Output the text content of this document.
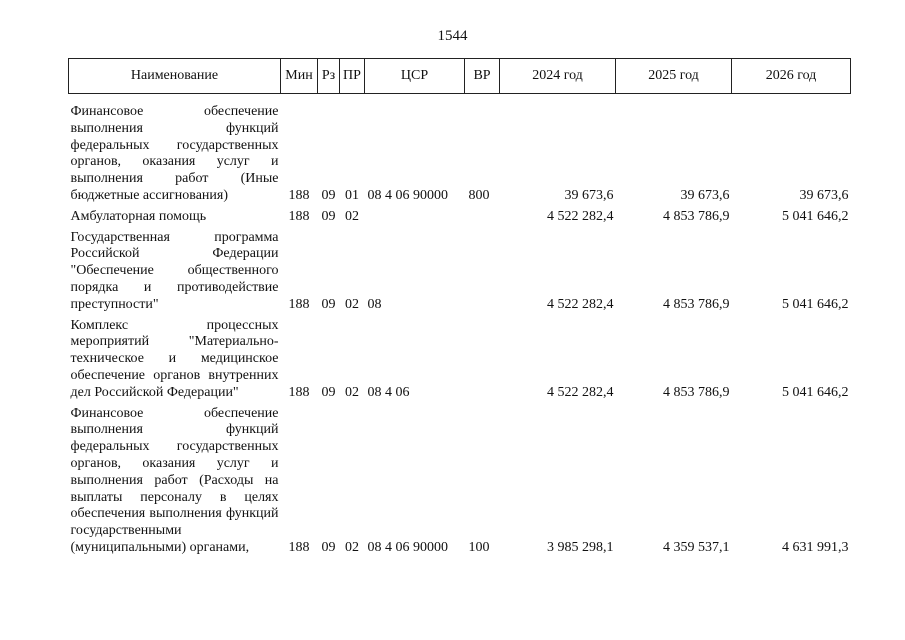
1544
Наименование	Мин	Рз	ПР	ЦСР	ВР	2024 год	2025 год	2026 год

Финансовое обеспечение выполнения функций федеральных государственных органов, оказания услуг и выполнения работ (Иные бюджетные ассигнования)	188	09	01	08 4 06 90000	800	39 673,6	39 673,6	39 673,6
Амбулаторная помощь	188	09	02			4 522 282,4	4 853 786,9	5 041 646,2
Государственная программа Российской Федерации "Обеспечение общественного порядка и противодействие преступности"	188	09	02	08		4 522 282,4	4 853 786,9	5 041 646,2
Комплекс процессных мероприятий "Материально-техническое и медицинское обеспечение органов внутренних дел Российской Федерации"	188	09	02	08 4 06		4 522 282,4	4 853 786,9	5 041 646,2
Финансовое обеспечение выполнения функций федеральных государственных органов, оказания услуг и выполнения работ (Расходы на выплаты персоналу в целях обеспечения выполнения функций государственными (муниципальными) органами,	188	09	02	08 4 06 90000	100	3 985 298,1	4 359 537,1	4 631 991,3
